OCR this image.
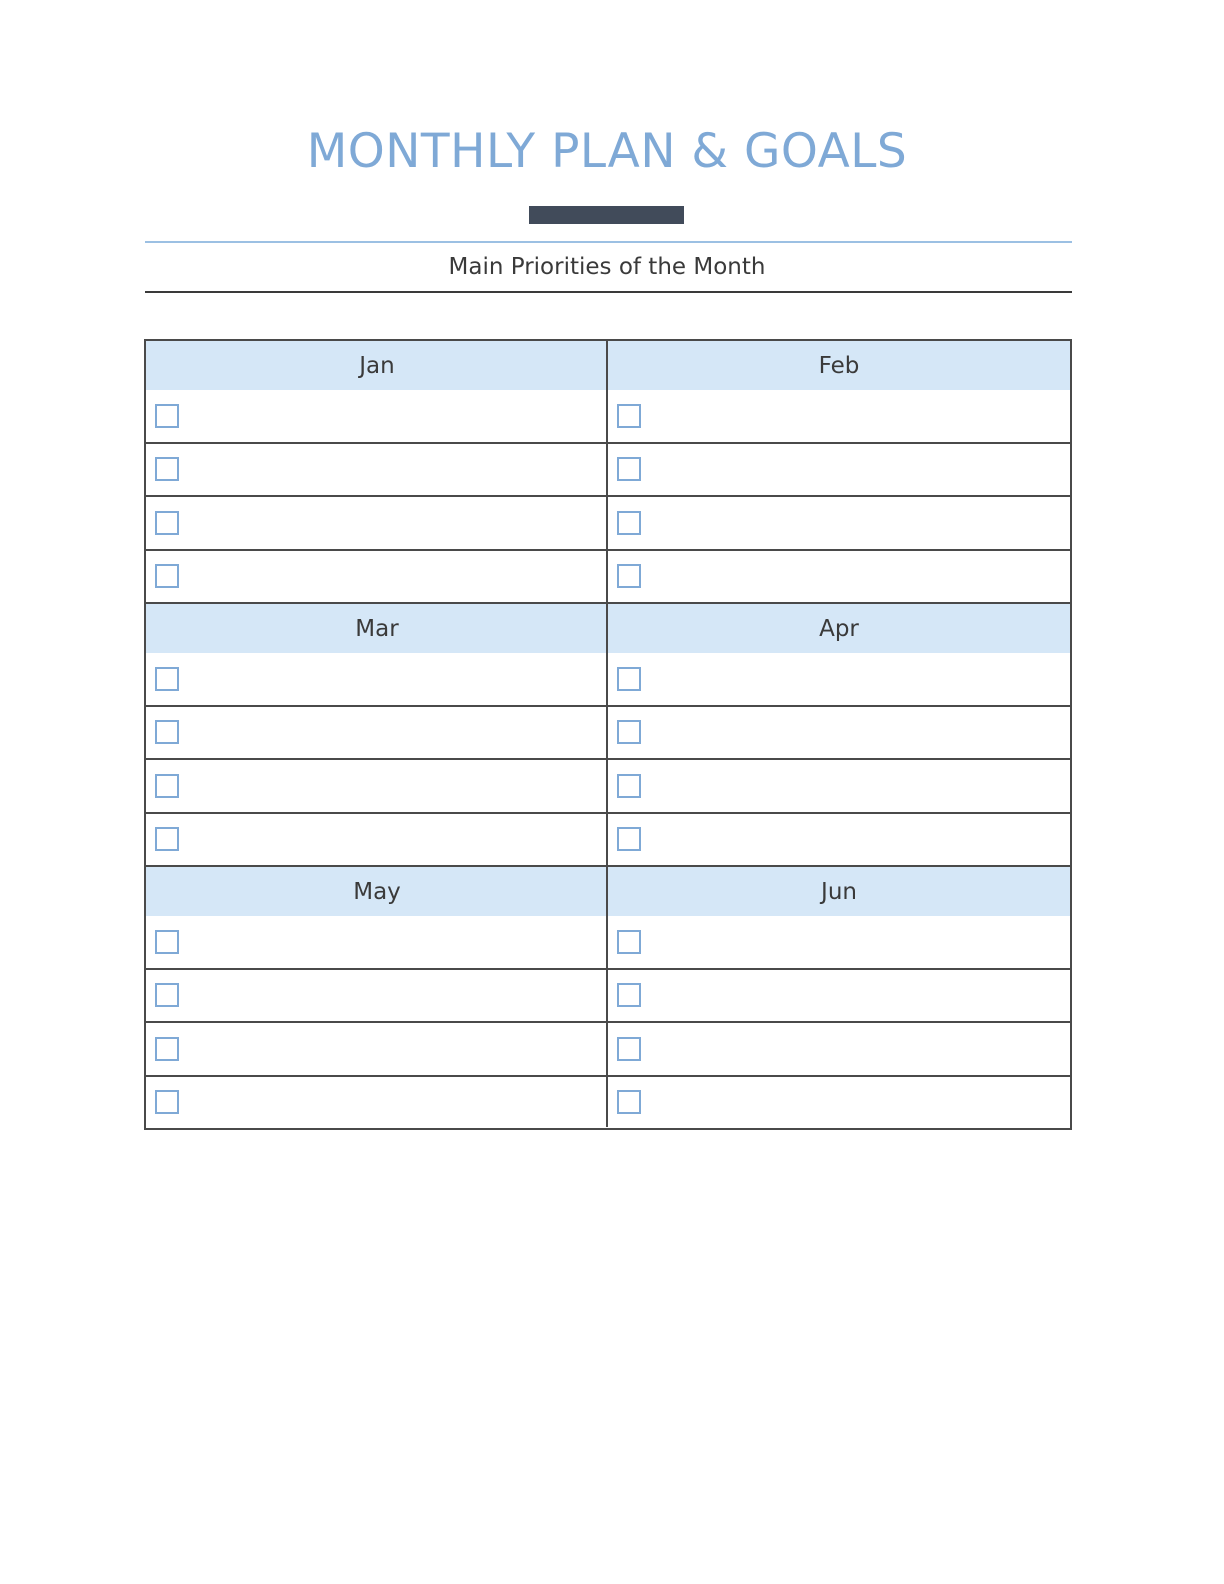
MONTHLY PLAN & GOALS
Main Priorities of the Month
Jan	Feb
Mar	Apr
May	Jun
